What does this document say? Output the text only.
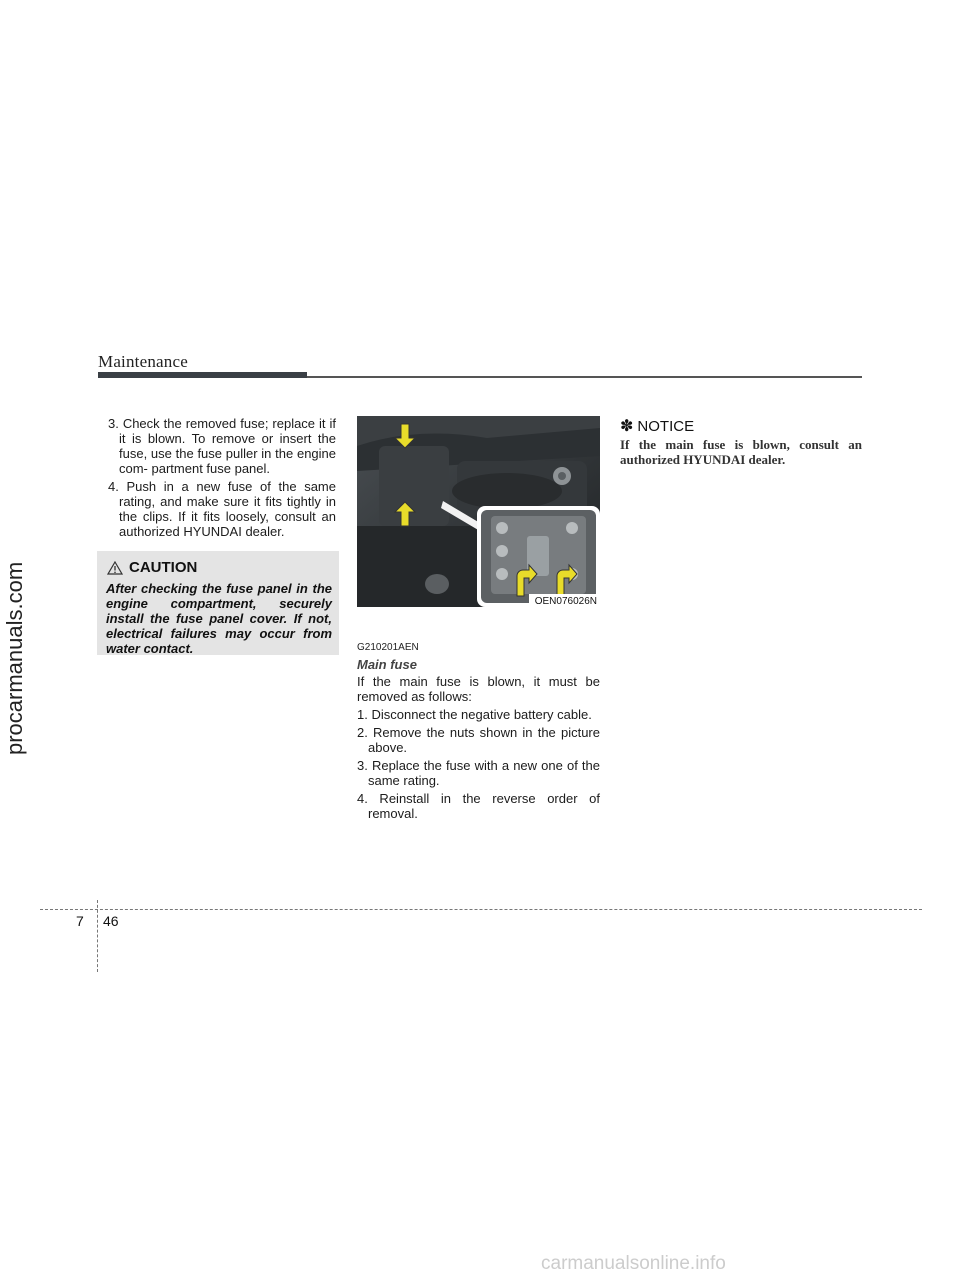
Maintenance
3. Check the removed fuse; replace it if it is blown. To remove or insert the fuse, use the fuse puller in the engine com- partment fuse panel.
4. Push in a new fuse of the same rating, and make sure it fits tightly in the clips. If it fits loosely, consult an authorized HYUNDAI dealer.
CAUTION
After checking the fuse panel in the engine compartment, securely install the fuse panel cover. If not, electrical failures may occur from water contact.
OEN076026N
G210201AEN
Main fuse
If the main fuse is blown, it must be removed as follows:
1. Disconnect the negative battery cable.
2. Remove the nuts shown in the picture above.
3. Replace the fuse with a new one of the same rating.
4. Reinstall in the reverse order of removal.
✽ NOTICE
If the main fuse is blown, consult an authorized HYUNDAI dealer.
7 46
procarmanuals.com
carmanualsonline.info
